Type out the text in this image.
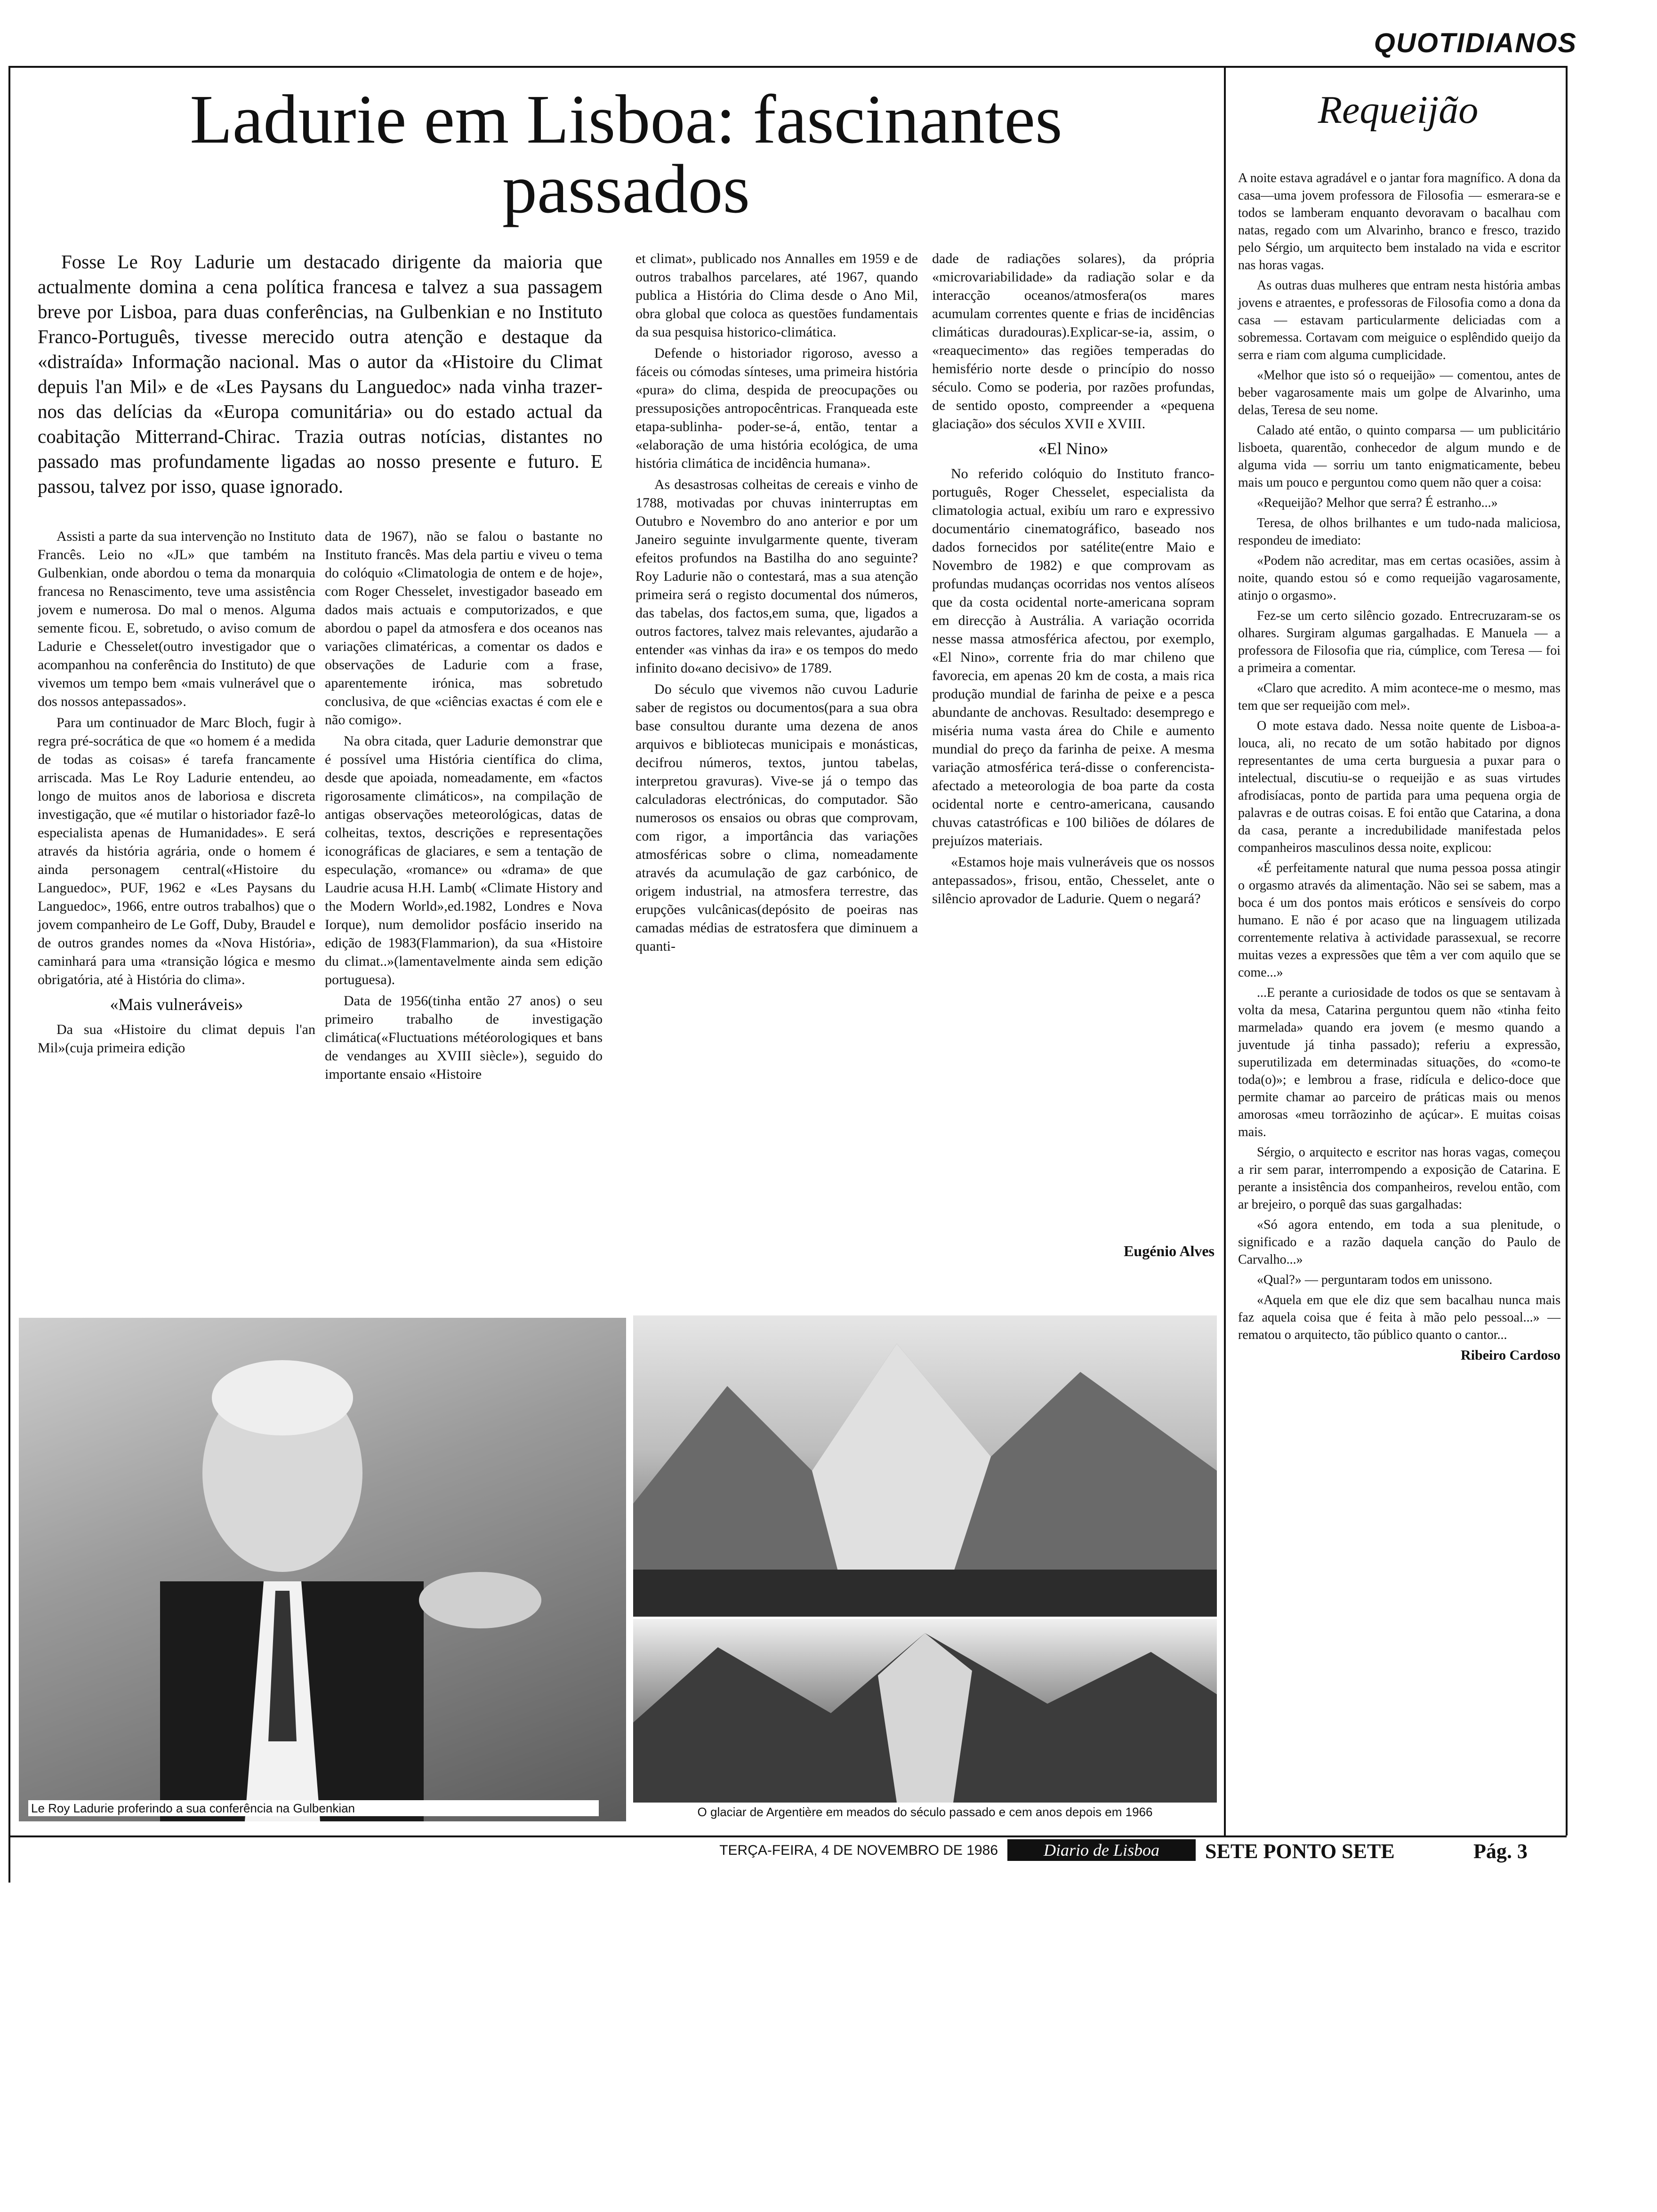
QUOTIDIANOS
Ladurie em Lisboa: fascinantes passados
Fosse Le Roy Ladurie um destacado dirigente da maioria que actualmente domina a cena política francesa e talvez a sua passagem breve por Lisboa, para duas conferências, na Gulbenkian e no Instituto Franco-Português, tivesse merecido outra atenção e destaque da «distraída» Informação nacional. Mas o autor da «Histoire du Climat depuis l'an Mil» e de «Les Paysans du Languedoc» nada vinha trazer-nos das delícias da «Europa comunitária» ou do estado actual da coabitação Mitterrand-Chirac. Trazia outras notícias, distantes no passado mas profundamente ligadas ao nosso presente e futuro. E passou, talvez por isso, quase ignorado.

Assisti a parte da sua intervenção no Instituto Francês. Leio no «JL» que também na Gulbenkian, onde abordou o tema da monarquia francesa no Renascimento, teve uma assistência jovem e numerosa. Do mal o menos. Alguma semente ficou. E, sobretudo, o aviso comum de Ladurie e Chesselet(outro investigador que o acompanhou na conferência do Instituto) de que vivemos um tempo bem «mais vulnerável que o dos nossos antepassados».

Para um continuador de Marc Bloch, fugir à regra pré-socrática de que «o homem é a medida de todas as coisas» é tarefa francamente arriscada. Mas Le Roy Ladurie entendeu, ao longo de muitos anos de laboriosa e discreta investigação, que «é mutilar o historiador fazê-lo especialista apenas de Humanidades». E será através da história agrária, onde o homem é ainda personagem central(«Histoire du Languedoc», PUF, 1962 e «Les Paysans du Languedoc», 1966, entre outros trabalhos) que o jovem companheiro de Le Goff, Duby, Braudel e de outros grandes nomes da «Nova História», caminhará para uma «transição lógica e mesmo obrigatória, até à História do clima».

«Mais vulneráveis»

Da sua «Histoire du climat depuis l'an Mil»(cuja primeira edição

data de 1967), não se falou o bastante no Instituto francês. Mas dela partiu e viveu o tema do colóquio «Climatologia de ontem e de hoje», com Roger Chesselet, investigador baseado em dados mais actuais e computorizados, e que abordou o papel da atmosfera e dos oceanos nas variações climatéricas, a comentar os dados e observações de Ladurie com a frase, aparentemente irónica, mas sobretudo conclusiva, de que «ciências exactas é com ele e não comigo».

Na obra citada, quer Ladurie demonstrar que é possível uma História científica do clima, desde que apoiada, nomeadamente, em «factos rigorosamente climáticos», na compilação de antigas observações meteorológicas, datas de colheitas, textos, descrições e representações iconográficas de glaciares, e sem a tentação de especulação, «romance» ou «drama» de que Laudrie acusa H.H. Lamb( «Climate History and the Modern World»,ed.1982, Londres e Nova Iorque), num demolidor posfácio inserido na edição de 1983(Flammarion), da sua «Histoire du climat..»(lamentavelmente ainda sem edição portuguesa).

Data de 1956(tinha então 27 anos) o seu primeiro trabalho de investigação climática(«Fluctuations météorologiques et bans de vendanges au XVIII siècle»), seguido do importante ensaio «Histoire

et climat», publicado nos Annalles em 1959 e de outros trabalhos parcelares, até 1967, quando publica a História do Clima desde o Ano Mil, obra global que coloca as questões fundamentais da sua pesquisa historico-climática.

Defende o historiador rigoroso, avesso a fáceis ou cómodas sínteses, uma primeira história «pura» do clima, despida de preocupações ou pressuposições antropocêntricas. Franqueada este etapa-sublinha- poder-se-á, então, tentar a «elaboração de uma história ecológica, de uma história climática de incidência humana».

As desastrosas colheitas de cereais e vinho de 1788, motivadas por chuvas ininterruptas em Outubro e Novembro do ano anterior e por um Janeiro seguinte invulgarmente quente, tiveram efeitos profundos na Bastilha do ano seguinte? Roy Ladurie não o contestará, mas a sua atenção primeira será o registo documental dos números, das tabelas, dos factos,em suma, que, ligados a outros factores, talvez mais relevantes, ajudarão a entender «as vinhas da ira» e os tempos do medo infinito do«ano decisivo» de 1789.

Do século que vivemos não cuvou Ladurie saber de registos ou documentos(para a sua obra base consultou durante uma dezena de anos arquivos e bibliotecas municipais e monásticas, decifrou números, textos, juntou tabelas, interpretou gravuras). Vive-se já o tempo das calculadoras electrónicas, do computador. São numerosos os ensaios ou obras que comprovam, com rigor, a importância das variações atmosféricas sobre o clima, nomeadamente através da acumulação de gaz carbónico, de origem industrial, na atmosfera terrestre, das erupções vulcânicas(depósito de poeiras nas camadas médias de estratosfera que diminuem a quanti-

dade de radiações solares), da própria «microvariabilidade» da radiação solar e da interacção oceanos/atmosfera(os mares acumulam correntes quente e frias de incidências climáticas duradouras).Explicar-se-ia, assim, o «reaquecimento» das regiões temperadas do hemisfério norte desde o princípio do nosso século. Como se poderia, por razões profundas, de sentido oposto, compreender a «pequena glaciação» dos séculos XVII e XVIII.

«El Nino»

No referido colóquio do Instituto franco-português, Roger Chesselet, especialista da climatologia actual, exibíu um raro e expressivo documentário cinematográfico, baseado nos dados fornecidos por satélite(entre Maio e Novembro de 1982) e que comprovam as profundas mudanças ocorridas nos ventos alíseos que da costa ocidental norte-americana sopram em direcção à Austrália. A variação ocorrida nesse massa atmosférica afectou, por exemplo, «El Nino», corrente fria do mar chileno que favorecia, em apenas 20 km de costa, a mais rica produção mundial de farinha de peixe e a pesca abundante de anchovas. Resultado: desemprego e miséria numa vasta área do Chile e aumento mundial do preço da farinha de peixe. A mesma variação atmosférica terá-disse o conferencista- afectado a meteorologia de boa parte da costa ocidental norte e centro-americana, causando chuvas catastróficas e 100 biliões de dólares de prejuízos materiais.

«Estamos hoje mais vulneráveis que os nossos antepassados», frisou, então, Chesselet, ante o silêncio aprovador de Ladurie. Quem o negará?

Eugénio Alves
Le Roy Ladurie proferindo a sua conferência na Gulbenkian	O glaciar de Argentière em meados do século passado e cem anos depois em 1966
Requeijão

A noite estava agradável e o jantar fora magnífico. A dona da casa—uma jovem professora de Filosofia — esmerara-se e todos se lamberam enquanto devoravam o bacalhau com natas, regado com um Alvarinho, branco e fresco, trazido pelo Sérgio, um arquitecto bem instalado na vida e escritor nas horas vagas.

As outras duas mulheres que entram nesta história ambas jovens e atraentes, e professoras de Filosofia como a dona da casa — estavam particularmente deliciadas com a sobremessa. Cortavam com meiguice o esplêndido queijo da serra e riam com alguma cumplicidade.

«Melhor que isto só o requeijão» — comentou, antes de beber vagarosamente mais um golpe de Alvarinho, uma delas, Teresa de seu nome.

Calado até então, o quinto comparsa — um publicitário lisboeta, quarentão, conhecedor de algum mundo e de alguma vida — sorriu um tanto enigmaticamente, bebeu mais um pouco e perguntou como quem não quer a coisa:

«Requeijão? Melhor que serra? É estranho...»

Teresa, de olhos brilhantes e um tudo-nada maliciosa, respondeu de imediato:

«Podem não acreditar, mas em certas ocasiões, assim à noite, quando estou só e como requeijão vagarosamente, atinjo o orgasmo».

Fez-se um certo silêncio gozado. Entrecruzaram-se os olhares. Surgiram algumas gargalhadas. E Manuela — a professora de Filosofia que ria, cúmplice, com Teresa — foi a primeira a comentar.

«Claro que acredito. A mim acontece-me o mesmo, mas tem que ser requeijão com mel».

O mote estava dado. Nessa noite quente de Lisboa-a-louca, ali, no recato de um sotão habitado por dignos representantes de uma certa burguesia a puxar para o intelectual, discutiu-se o requeijão e as suas virtudes afrodisíacas, ponto de partida para uma pequena orgia de palavras e de outras coisas. E foi então que Catarina, a dona da casa, perante a incredubilidade manifestada pelos companheiros masculinos dessa noite, explicou:

«É perfeitamente natural que numa pessoa possa atingir o orgasmo através da alimentação. Não sei se sabem, mas a boca é um dos pontos mais eróticos e sensíveis do corpo humano. E não é por acaso que na linguagem utilizada correntemente relativa à actividade parassexual, se recorre muitas vezes a expressões que têm a ver com aquilo que se come...»

...E perante a curiosidade de todos os que se sentavam à volta da mesa, Catarina perguntou quem não «tinha feito marmelada» quando era jovem (e mesmo quando a juventude já tinha passado); referiu a expressão, superutilizada em determinadas situações, do «como-te toda(o)»; e lembrou a frase, ridícula e delico-doce que permite chamar ao parceiro de práticas mais ou menos amorosas «meu torrãozinho de açúcar». E muitas coisas mais.

Sérgio, o arquitecto e escritor nas horas vagas, começou a rir sem parar, interrompendo a exposição de Catarina. E perante a insistência dos companheiros, revelou então, com ar brejeiro, o porquê das suas gargalhadas:

«Só agora entendo, em toda a sua plenitude, o significado e a razão daquela canção do Paulo de Carvalho...»

«Qual?» — perguntaram todos em unissono.

«Aquela em que ele diz que sem bacalhau nunca mais faz aquela coisa que é feita à mão pelo pessoal...» — rematou o arquitecto, tão público quanto o cantor...

Ribeiro Cardoso
TERÇA-FEIRA, 4 DE NOVEMBRO DE 1986	Diario de Lisboa	SETE PONTO SETE	Pág. 3
